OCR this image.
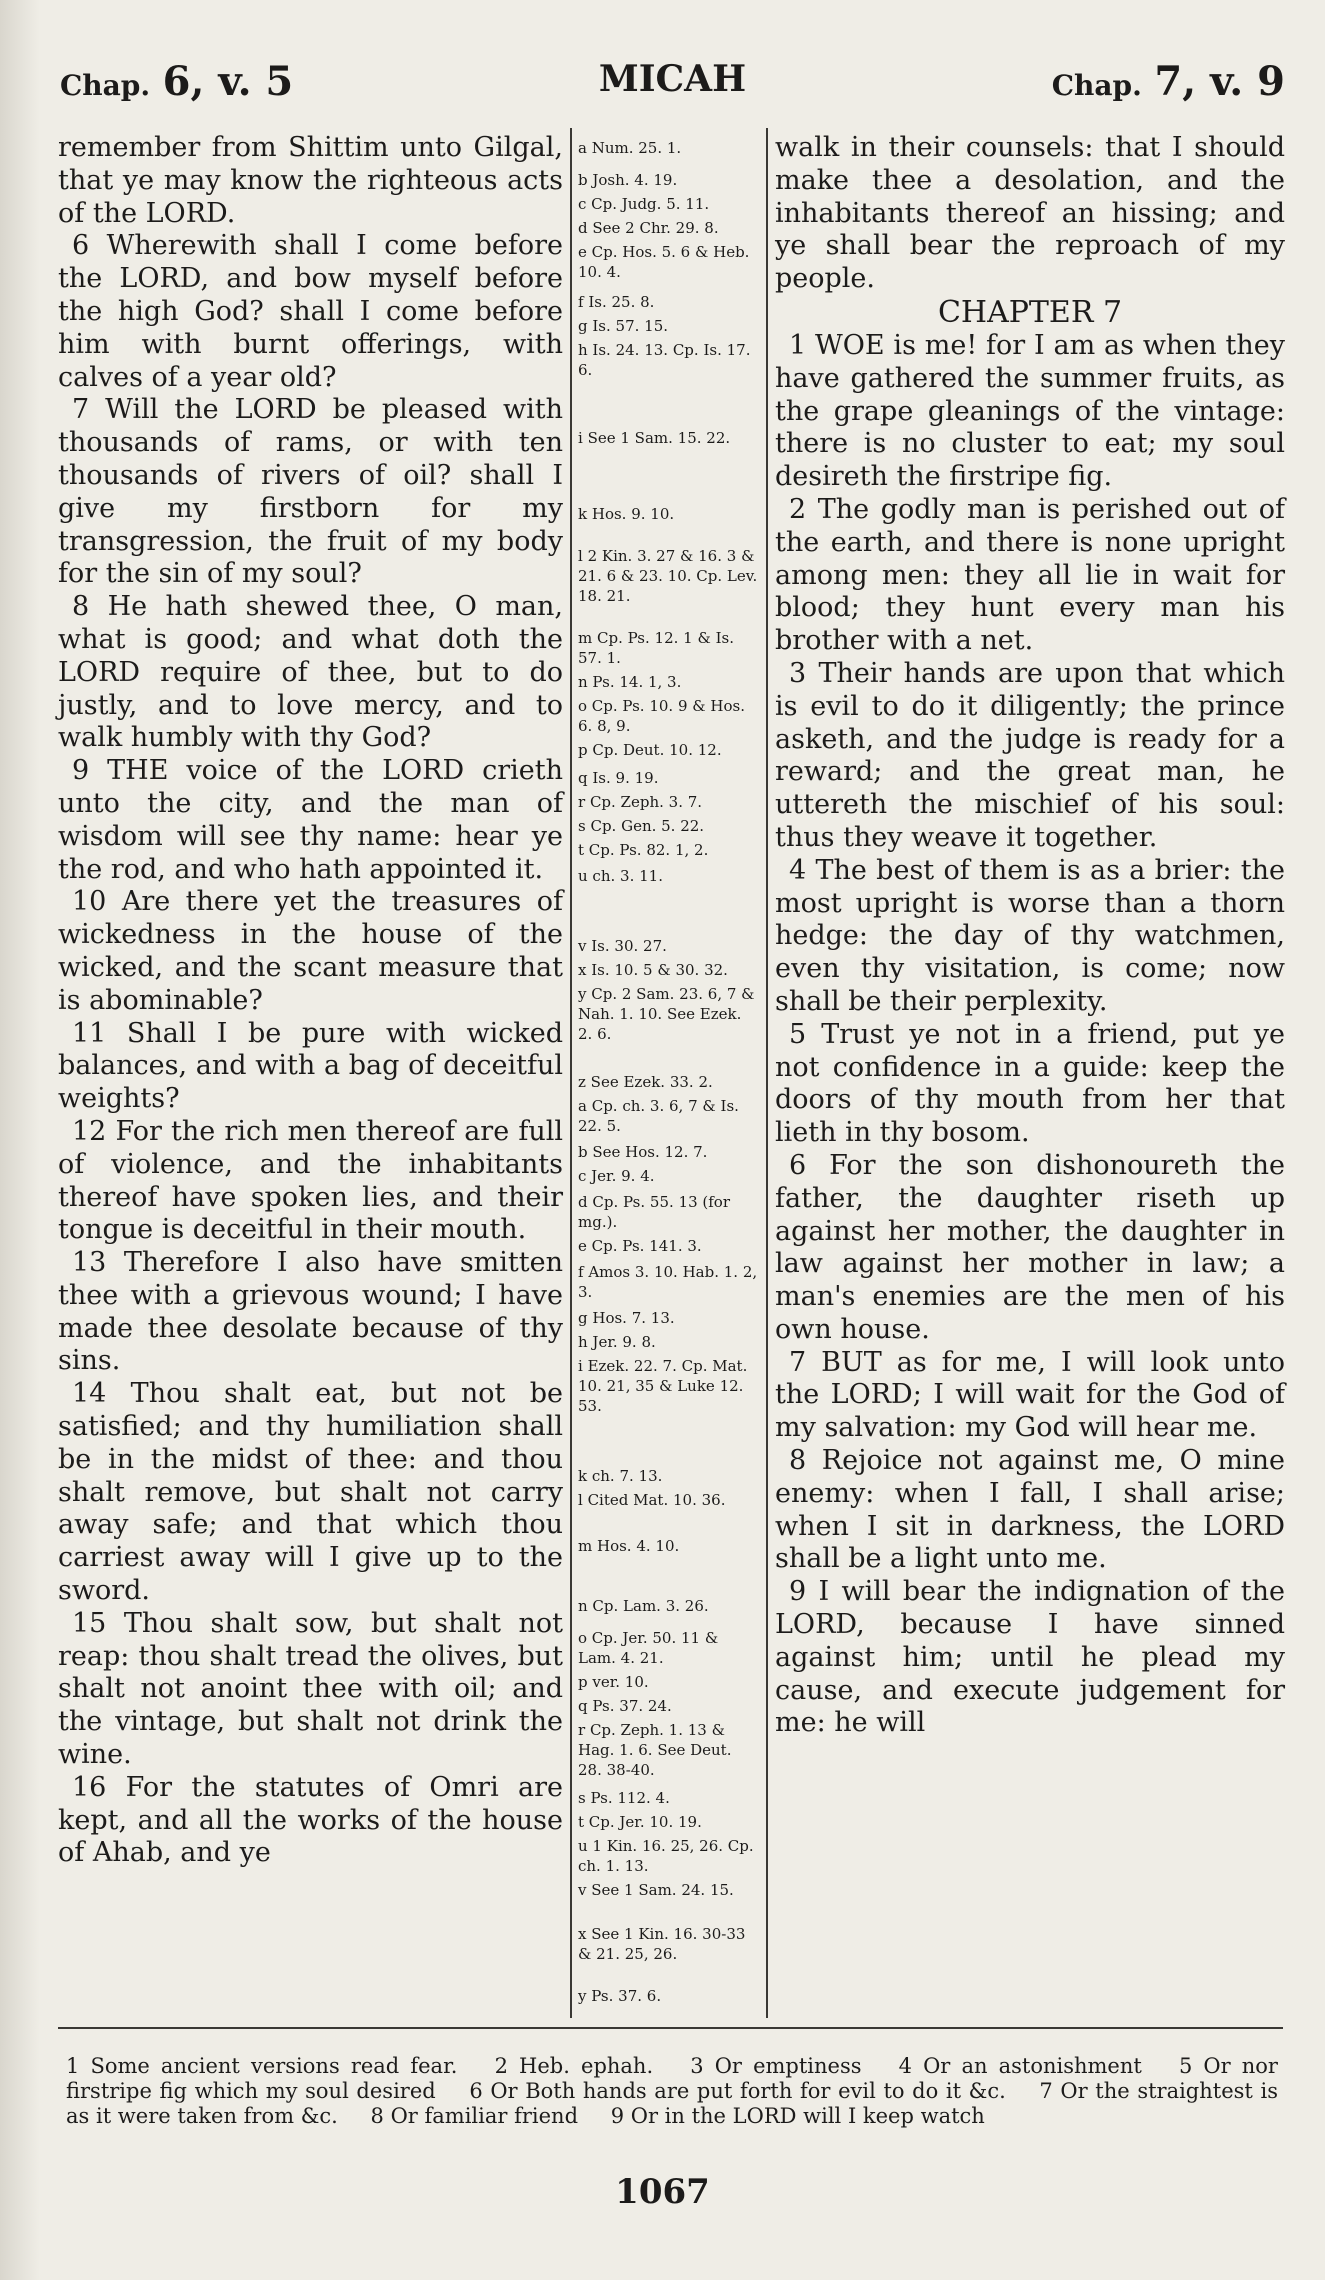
Chap. 6, v. 5	MICAH	Chap. 7, v. 9

remember from Shittim unto Gilgal, that ye may know the righteous acts of the LORD.

6 Wherewith shall I come before the LORD, and bow myself before the high God? shall I come before him with burnt offerings, with calves of a year old?

7 Will the LORD be pleased with thousands of rams, or with ten thousands of rivers of oil? shall I give my firstborn for my transgression, the fruit of my body for the sin of my soul?

8 He hath shewed thee, O man, what is good; and what doth the LORD require of thee, but to do justly, and to love mercy, and to walk humbly with thy God?

9 THE voice of the LORD crieth unto the city, and the man of wisdom will see thy name: hear ye the rod, and who hath appointed it.

10 Are there yet the treasures of wickedness in the house of the wicked, and the scant measure that is abominable?

11 Shall I be pure with wicked balances, and with a bag of deceitful weights?

12 For the rich men thereof are full of violence, and the inhabitants thereof have spoken lies, and their tongue is deceitful in their mouth.

13 Therefore I also have smitten thee with a grievous wound; I have made thee desolate because of thy sins.

14 Thou shalt eat, but not be satisfied; and thy humiliation shall be in the midst of thee: and thou shalt remove, but shalt not carry away safe; and that which thou carriest away will I give up to the sword.

15 Thou shalt sow, but shalt not reap: thou shalt tread the olives, but shalt not anoint thee with oil; and the vintage, but shalt not drink the wine.

16 For the statutes of Omri are kept, and all the works of the house of Ahab, and ye

a Num. 25. 1.
b Josh. 4. 19.
c Cp. Judg. 5. 11.
d See 2 Chr. 29. 8.
e Cp. Hos. 5. 6 & Heb. 10. 4.
f Is. 25. 8.
g Is. 57. 15.
h Is. 24. 13. Cp. Is. 17. 6.
i See 1 Sam. 15. 22.
k Hos. 9. 10.
l 2 Kin. 3. 27 & 16. 3 & 21. 6 & 23. 10. Cp. Lev. 18. 21.
m Cp. Ps. 12. 1 & Is. 57. 1.
n Ps. 14. 1, 3.
o Cp. Ps. 10. 9 & Hos. 6. 8, 9.
p Cp. Deut. 10. 12.
q Is. 9. 19.
r Cp. Zeph. 3. 7.
s Cp. Gen. 5. 22.
t Cp. Ps. 82. 1, 2.
u ch. 3. 11.
v Is. 30. 27.
x Is. 10. 5 & 30. 32.
y Cp. 2 Sam. 23. 6, 7 & Nah. 1. 10. See Ezek. 2. 6.
z See Ezek. 33. 2.
a Cp. ch. 3. 6, 7 & Is. 22. 5.
b See Hos. 12. 7.
c Jer. 9. 4.
d Cp. Ps. 55. 13 (for mg.).
e Cp. Ps. 141. 3.
f Amos 3. 10. Hab. 1. 2, 3.
g Hos. 7. 13.
h Jer. 9. 8.
i Ezek. 22. 7. Cp. Mat. 10. 21, 35 & Luke 12. 53.
k ch. 7. 13.
l Cited Mat. 10. 36.
m Hos. 4. 10.
n Cp. Lam. 3. 26.
o Cp. Jer. 50. 11 & Lam. 4. 21.
p ver. 10.
q Ps. 37. 24.
r Cp. Zeph. 1. 13 & Hag. 1. 6. See Deut. 28. 38-40.
s Ps. 112. 4.
t Cp. Jer. 10. 19.
u 1 Kin. 16. 25, 26. Cp. ch. 1. 13.
v See 1 Sam. 24. 15.
x See 1 Kin. 16. 30-33 & 21. 25, 26.
y Ps. 37. 6.

walk in their counsels: that I should make thee a desolation, and the inhabitants thereof an hissing; and ye shall bear the reproach of my people.

CHAPTER 7

1 WOE is me! for I am as when they have gathered the summer fruits, as the grape gleanings of the vintage: there is no cluster to eat; my soul desireth the firstripe fig.

2 The godly man is perished out of the earth, and there is none upright among men: they all lie in wait for blood; they hunt every man his brother with a net.

3 Their hands are upon that which is evil to do it diligently; the prince asketh, and the judge is ready for a reward; and the great man, he uttereth the mischief of his soul: thus they weave it together.

4 The best of them is as a brier: the most upright is worse than a thorn hedge: the day of thy watchmen, even thy visitation, is come; now shall be their perplexity.

5 Trust ye not in a friend, put ye not confidence in a guide: keep the doors of thy mouth from her that lieth in thy bosom.

6 For the son dishonoureth the father, the daughter riseth up against her mother, the daughter in law against her mother in law; a man's enemies are the men of his own house.

7 BUT as for me, I will look unto the LORD; I will wait for the God of my salvation: my God will hear me.

8 Rejoice not against me, O mine enemy: when I fall, I shall arise; when I sit in darkness, the LORD shall be a light unto me.

9 I will bear the indignation of the LORD, because I have sinned against him; until he plead my cause, and execute judgement for me: he will

1 Some ancient versions read fear. 2 Heb. ephah. 3 Or emptiness 4 Or an astonishment 5 Or nor firstripe fig which my soul desired 6 Or Both hands are put forth for evil to do it &c. 7 Or the straightest is as it were taken from &c. 8 Or familiar friend 9 Or in the LORD will I keep watch
1067
